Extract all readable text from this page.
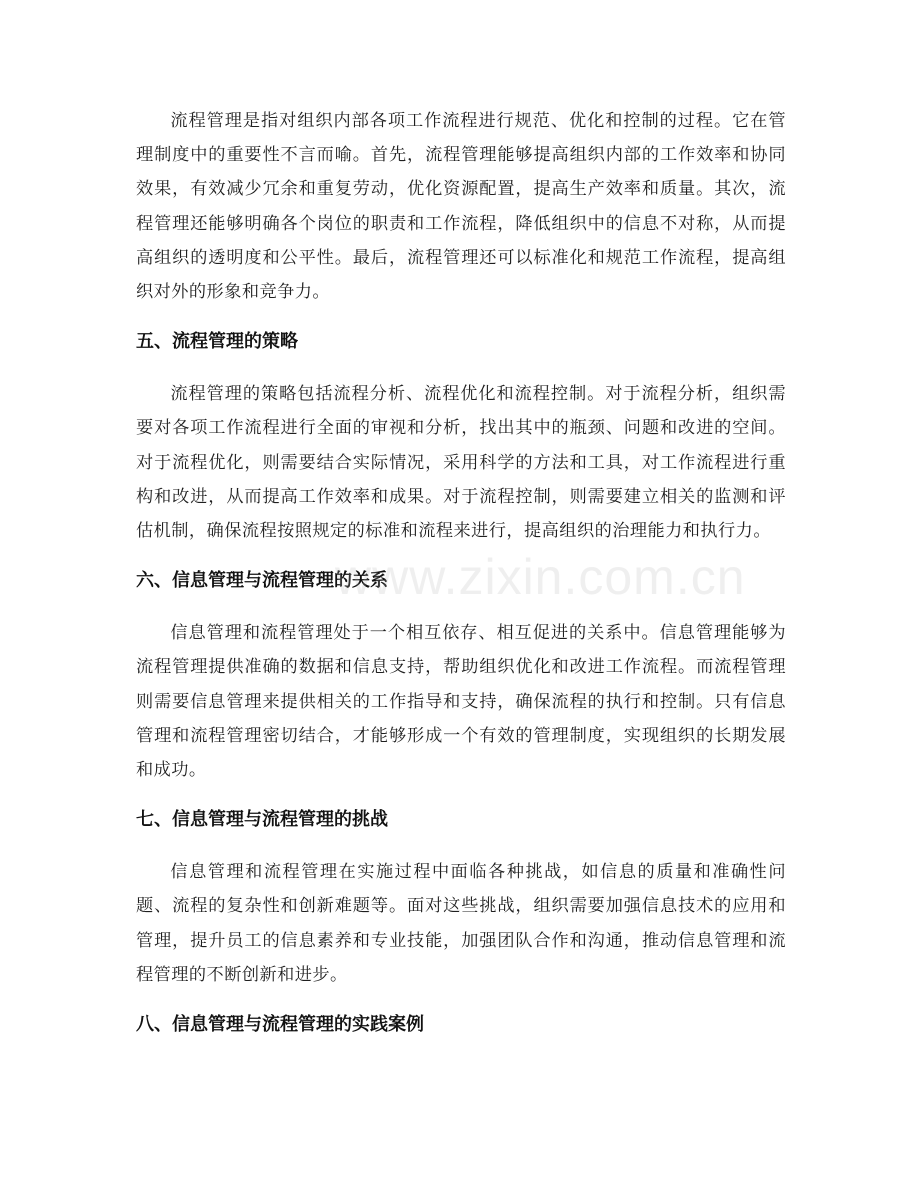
流程管理是指对组织内部各项工作流程进行规范、优化和控制的过程。它在管理制度中的重要性不言而喻。首先，流程管理能够提高组织内部的工作效率和协同效果，有效减少冗余和重复劳动，优化资源配置，提高生产效率和质量。其次，流程管理还能够明确各个岗位的职责和工作流程，降低组织中的信息不对称，从而提高组织的透明度和公平性。最后，流程管理还可以标准化和规范工作流程，提高组织对外的形象和竞争力。

五、流程管理的策略

流程管理的策略包括流程分析、流程优化和流程控制。对于流程分析，组织需要对各项工作流程进行全面的审视和分析，找出其中的瓶颈、问题和改进的空间。对于流程优化，则需要结合实际情况，采用科学的方法和工具，对工作流程进行重构和改进，从而提高工作效率和成果。对于流程控制，则需要建立相关的监测和评估机制，确保流程按照规定的标准和流程来进行，提高组织的治理能力和执行力。

六、信息管理与流程管理的关系

信息管理和流程管理处于一个相互依存、相互促进的关系中。信息管理能够为流程管理提供准确的数据和信息支持，帮助组织优化和改进工作流程。而流程管理则需要信息管理来提供相关的工作指导和支持，确保流程的执行和控制。只有信息管理和流程管理密切结合，才能够形成一个有效的管理制度，实现组织的长期发展和成功。

七、信息管理与流程管理的挑战

信息管理和流程管理在实施过程中面临各种挑战，如信息的质量和准确性问题、流程的复杂性和创新难题等。面对这些挑战，组织需要加强信息技术的应用和管理，提升员工的信息素养和专业技能，加强团队合作和沟通，推动信息管理和流程管理的不断创新和进步。

八、信息管理与流程管理的实践案例
www.zixin.com.cn
